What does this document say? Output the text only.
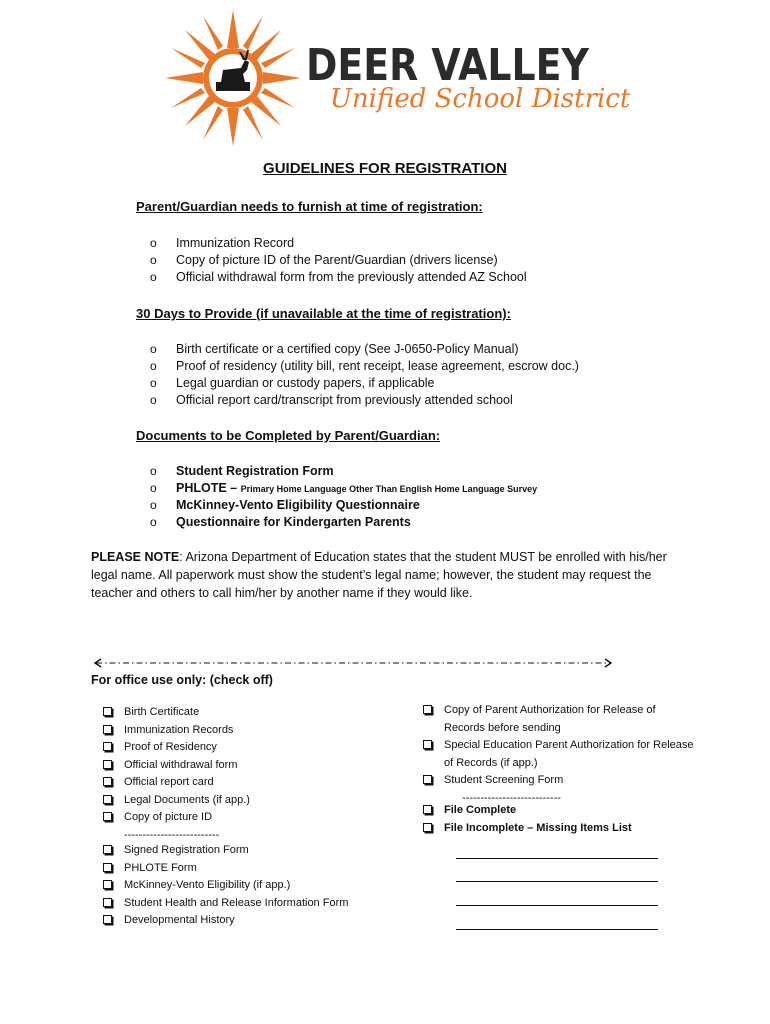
DEER VALLEY
Unified School District
GUIDELINES FOR REGISTRATION
Parent/Guardian needs to furnish at time of registration:
o Immunization Record
o Copy of picture ID of the Parent/Guardian (drivers license)
o Official withdrawal form from the previously attended AZ School
30 Days to Provide (if unavailable at the time of registration):
o Birth certificate or a certified copy (See J-0650-Policy Manual)
o Proof of residency (utility bill, rent receipt, lease agreement, escrow doc.)
o Legal guardian or custody papers, if applicable
o Official report card/transcript from previously attended school
Documents to be Completed by Parent/Guardian:
o Student Registration Form
o PHLOTE – Primary Home Language Other Than English Home Language Survey
o McKinney-Vento Eligibility Questionnaire
o Questionnaire for Kindergarten Parents
PLEASE NOTE: Arizona Department of Education states that the student MUST be enrolled with his/her legal name. All paperwork must show the student’s legal name; however, the student may request the teacher and others to call him/her by another name if they would like.
For office use only: (check off)
Birth Certificate
Immunization Records
Proof of Residency
Official withdrawal form
Official report card
Legal Documents (if app.)
Copy of picture ID
--------------------------
Signed Registration Form
PHLOTE Form
McKinney-Vento Eligibility (if app.)
Student Health and Release Information Form
Developmental History
Copy of Parent Authorization for Release of
Records before sending
Special Education Parent Authorization for Release
of Records (if app.)
Student Screening Form
---------------------------
File Complete
File Incomplete – Missing Items List
